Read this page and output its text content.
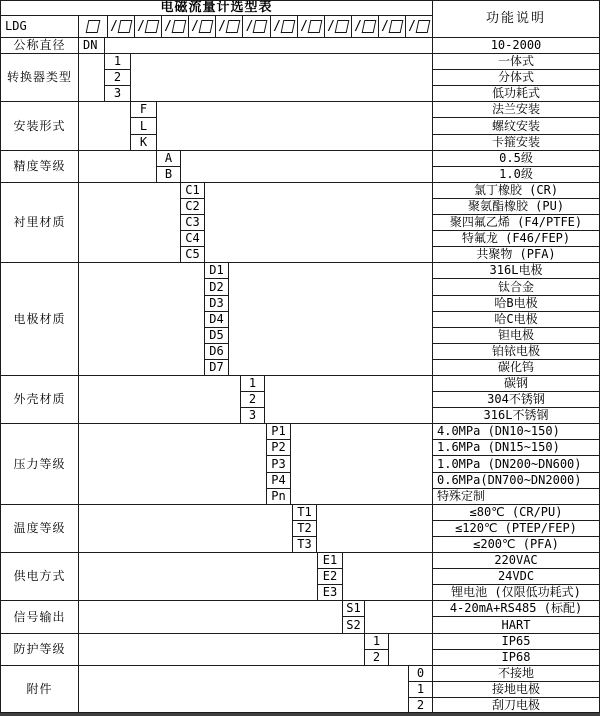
电磁流量计选型表
功能说明
LDG	/ / / / / / / / / / / /
公称直径	DN	10-2000
转换器类型
1	一体式
2	分体式
3	低功耗式
安装形式
F	法兰安装
L	螺纹安装
K	卡箍安装
精度等级
A	0.5级
B	1.0级
衬里材质
C1	氯丁橡胶 (CR)
C2	聚氨酯橡胶 (PU)
C3	聚四氟乙烯 (F4/PTFE)
C4	特氟龙 (F46/FEP)
C5	共聚物 (PFA)
电极材质
D1	316L电极
D2	钛合金
D3	哈B电极
D4	哈C电极
D5	钽电极
D6	铂铱电极
D7	碳化钨
外壳材质
1	碳钢
2	304不锈钢
3	316L不锈钢
压力等级
P1	4.0MPa (DN10~150)
P2	1.6MPa (DN15~150)
P3	1.0MPa (DN200~DN600)
P4	0.6MPa(DN700~DN2000)
Pn	特殊定制
温度等级
T1	≤80℃ (CR/PU)
T2	≤120℃ (PTEP/FEP)
T3	≤200℃ (PFA)
供电方式
E1	220VAC
E2	24VDC
E3	锂电池 (仅限低功耗式)
信号输出
S1	4-20mA+RS485 (标配)
S2	HART
防护等级
1	IP65
2	IP68
附件
0	不接地
1	接地电极
2	刮刀电极
